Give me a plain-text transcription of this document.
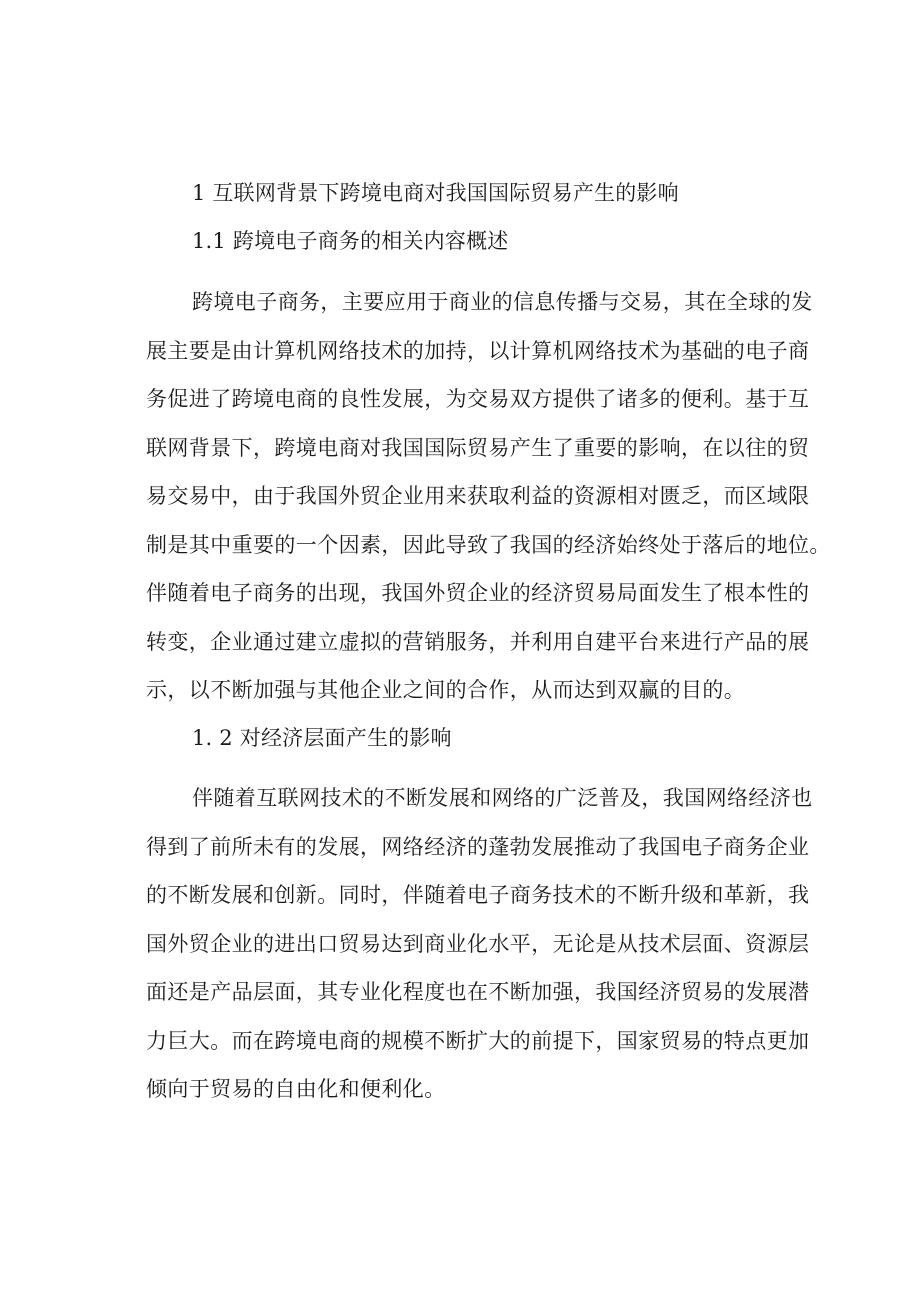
1 互联网背景下跨境电商对我国国际贸易产生的影响
1.1 跨境电子商务的相关内容概述
跨境电子商务，主要应用于商业的信息传播与交易，其在全球的发
展主要是由计算机网络技术的加持，以计算机网络技术为基础的电子商
务促进了跨境电商的良性发展，为交易双方提供了诸多的便利。基于互
联网背景下，跨境电商对我国国际贸易产生了重要的影响，在以往的贸
易交易中，由于我国外贸企业用来获取利益的资源相对匮乏，而区域限
制是其中重要的一个因素，因此导致了我国的经济始终处于落后的地位。
伴随着电子商务的出现，我国外贸企业的经济贸易局面发生了根本性的
转变，企业通过建立虚拟的营销服务，并利用自建平台来进行产品的展
示，以不断加强与其他企业之间的合作，从而达到双赢的目的。
1. 2 对经济层面产生的影响
伴随着互联网技术的不断发展和网络的广泛普及，我国网络经济也
得到了前所未有的发展，网络经济的蓬勃发展推动了我国电子商务企业
的不断发展和创新。同时，伴随着电子商务技术的不断升级和革新，我
国外贸企业的进出口贸易达到商业化水平，无论是从技术层面、资源层
面还是产品层面，其专业化程度也在不断加强，我国经济贸易的发展潜
力巨大。而在跨境电商的规模不断扩大的前提下，国家贸易的特点更加
倾向于贸易的自由化和便利化。
